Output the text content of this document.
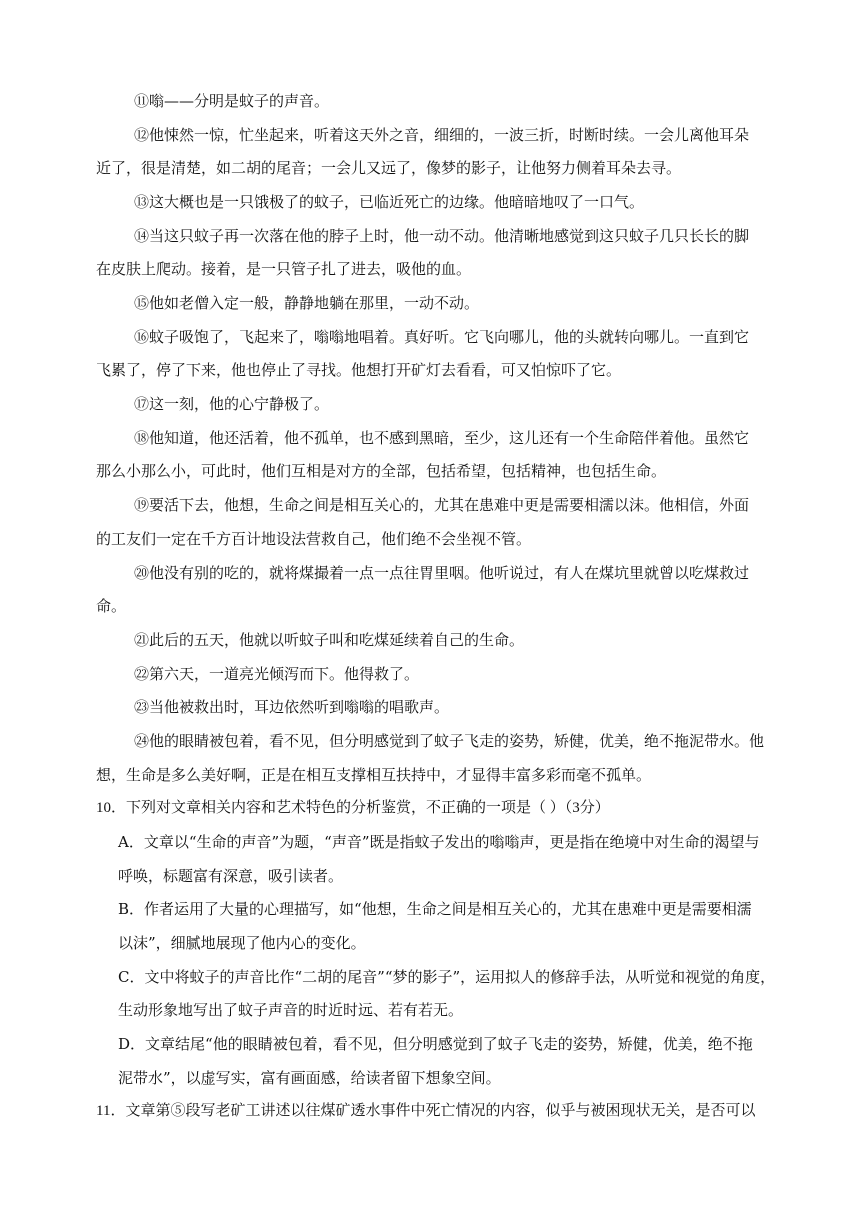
⑪嗡——分明是蚊子的声音。
⑫他悚然一惊，忙坐起来，听着这天外之音，细细的，一波三折，时断时续。一会儿离他耳朵
近了，很是清楚，如二胡的尾音；一会儿又远了，像梦的影子，让他努力侧着耳朵去寻。
⑬这大概也是一只饿极了的蚊子，已临近死亡的边缘。他暗暗地叹了一口气。
⑭当这只蚊子再一次落在他的脖子上时，他一动不动。他清晰地感觉到这只蚊子几只长长的脚
在皮肤上爬动。接着，是一只管子扎了进去，吸他的血。
⑮他如老僧入定一般，静静地躺在那里，一动不动。
⑯蚊子吸饱了，飞起来了，嗡嗡地唱着。真好听。它飞向哪儿，他的头就转向哪儿。一直到它
飞累了，停了下来，他也停止了寻找。他想打开矿灯去看看，可又怕惊吓了它。
⑰这一刻，他的心宁静极了。
⑱他知道，他还活着，他不孤单，也不感到黑暗，至少，这儿还有一个生命陪伴着他。虽然它
那么小那么小，可此时，他们互相是对方的全部，包括希望，包括精神，也包括生命。
⑲要活下去，他想，生命之间是相互关心的，尤其在患难中更是需要相濡以沫。他相信，外面
的工友们一定在千方百计地设法营救自己，他们绝不会坐视不管。
⑳他没有别的吃的，就将煤撮着一点一点往胃里咽。他听说过，有人在煤坑里就曾以吃煤救过
命。
㉑此后的五天，他就以听蚊子叫和吃煤延续着自己的生命。
㉒第六天，一道亮光倾泻而下。他得救了。
㉓当他被救出时，耳边依然听到嗡嗡的唱歌声。
㉔他的眼睛被包着，看不见，但分明感觉到了蚊子飞走的姿势，矫健，优美，绝不拖泥带水。他
想，生命是多么美好啊，正是在相互支撑相互扶持中，才显得丰富多彩而毫不孤单。
10．下列对文章相关内容和艺术特色的分析鉴赏，不正确的一项是（ ）（3分）
A．文章以“生命的声音”为题，“声音”既是指蚊子发出的嗡嗡声，更是指在绝境中对生命的渴望与
呼唤，标题富有深意，吸引读者。
B．作者运用了大量的心理描写，如“他想，生命之间是相互关心的，尤其在患难中更是需要相濡
以沫”，细腻地展现了他内心的变化。
C．文中将蚊子的声音比作“二胡的尾音”“梦的影子”，运用拟人的修辞手法，从听觉和视觉的角度，
生动形象地写出了蚊子声音的时近时远、若有若无。
D．文章结尾“他的眼睛被包着，看不见，但分明感觉到了蚊子飞走的姿势，矫健，优美，绝不拖
泥带水”，以虚写实，富有画面感，给读者留下想象空间。
11．文章第⑤段写老矿工讲述以往煤矿透水事件中死亡情况的内容，似乎与被困现状无关，是否可以
